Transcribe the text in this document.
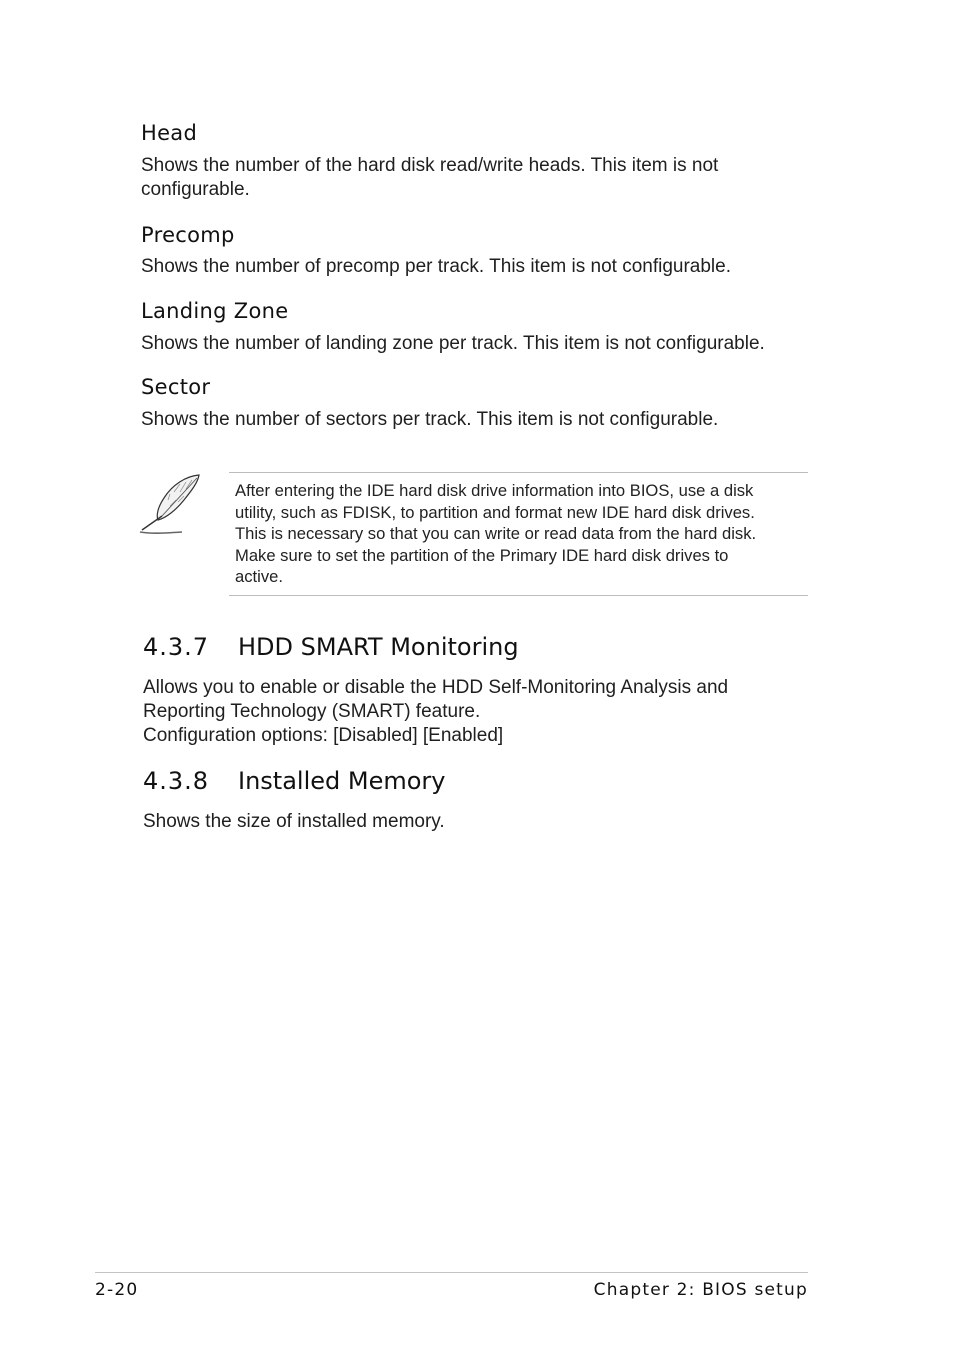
Head
Shows the number of the hard disk read/write heads. This item is not
configurable.
Precomp
Shows the number of precomp per track. This item is not configurable.
Landing Zone
Shows the number of landing zone per track. This item is not configurable.
Sector
Shows the number of sectors per track. This item is not configurable.
After entering the IDE hard disk drive information into BIOS, use a disk
utility, such as FDISK, to partition and format new IDE hard disk drives.
This is necessary so that you can write or read data from the hard disk.
Make sure to set the partition of the Primary IDE hard disk drives to
active.
4.3.7 HDD SMART Monitoring
Allows you to enable or disable the HDD Self-Monitoring Analysis and
Reporting Technology (SMART) feature.
Configuration options: [Disabled] [Enabled]
4.3.8 Installed Memory
Shows the size of installed memory.
2-20	Chapter 2: BIOS setup
